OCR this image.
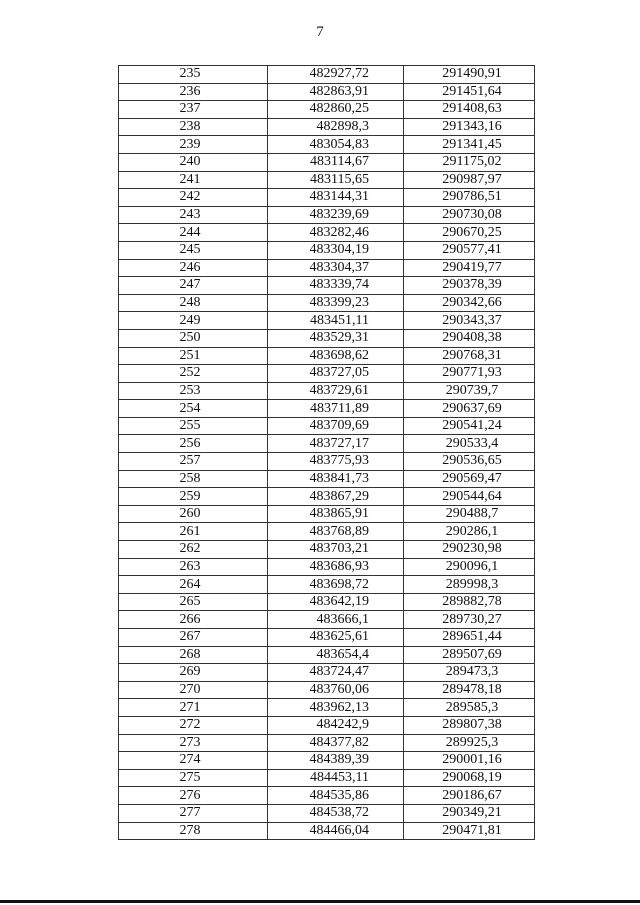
7
235	482927,72	291490,91
236	482863,91	291451,64
237	482860,25	291408,63
238	482898,3	291343,16
239	483054,83	291341,45
240	483114,67	291175,02
241	483115,65	290987,97
242	483144,31	290786,51
243	483239,69	290730,08
244	483282,46	290670,25
245	483304,19	290577,41
246	483304,37	290419,77
247	483339,74	290378,39
248	483399,23	290342,66
249	483451,11	290343,37
250	483529,31	290408,38
251	483698,62	290768,31
252	483727,05	290771,93
253	483729,61	290739,7
254	483711,89	290637,69
255	483709,69	290541,24
256	483727,17	290533,4
257	483775,93	290536,65
258	483841,73	290569,47
259	483867,29	290544,64
260	483865,91	290488,7
261	483768,89	290286,1
262	483703,21	290230,98
263	483686,93	290096,1
264	483698,72	289998,3
265	483642,19	289882,78
266	483666,1	289730,27
267	483625,61	289651,44
268	483654,4	289507,69
269	483724,47	289473,3
270	483760,06	289478,18
271	483962,13	289585,3
272	484242,9	289807,38
273	484377,82	289925,3
274	484389,39	290001,16
275	484453,11	290068,19
276	484535,86	290186,67
277	484538,72	290349,21
278	484466,04	290471,81
